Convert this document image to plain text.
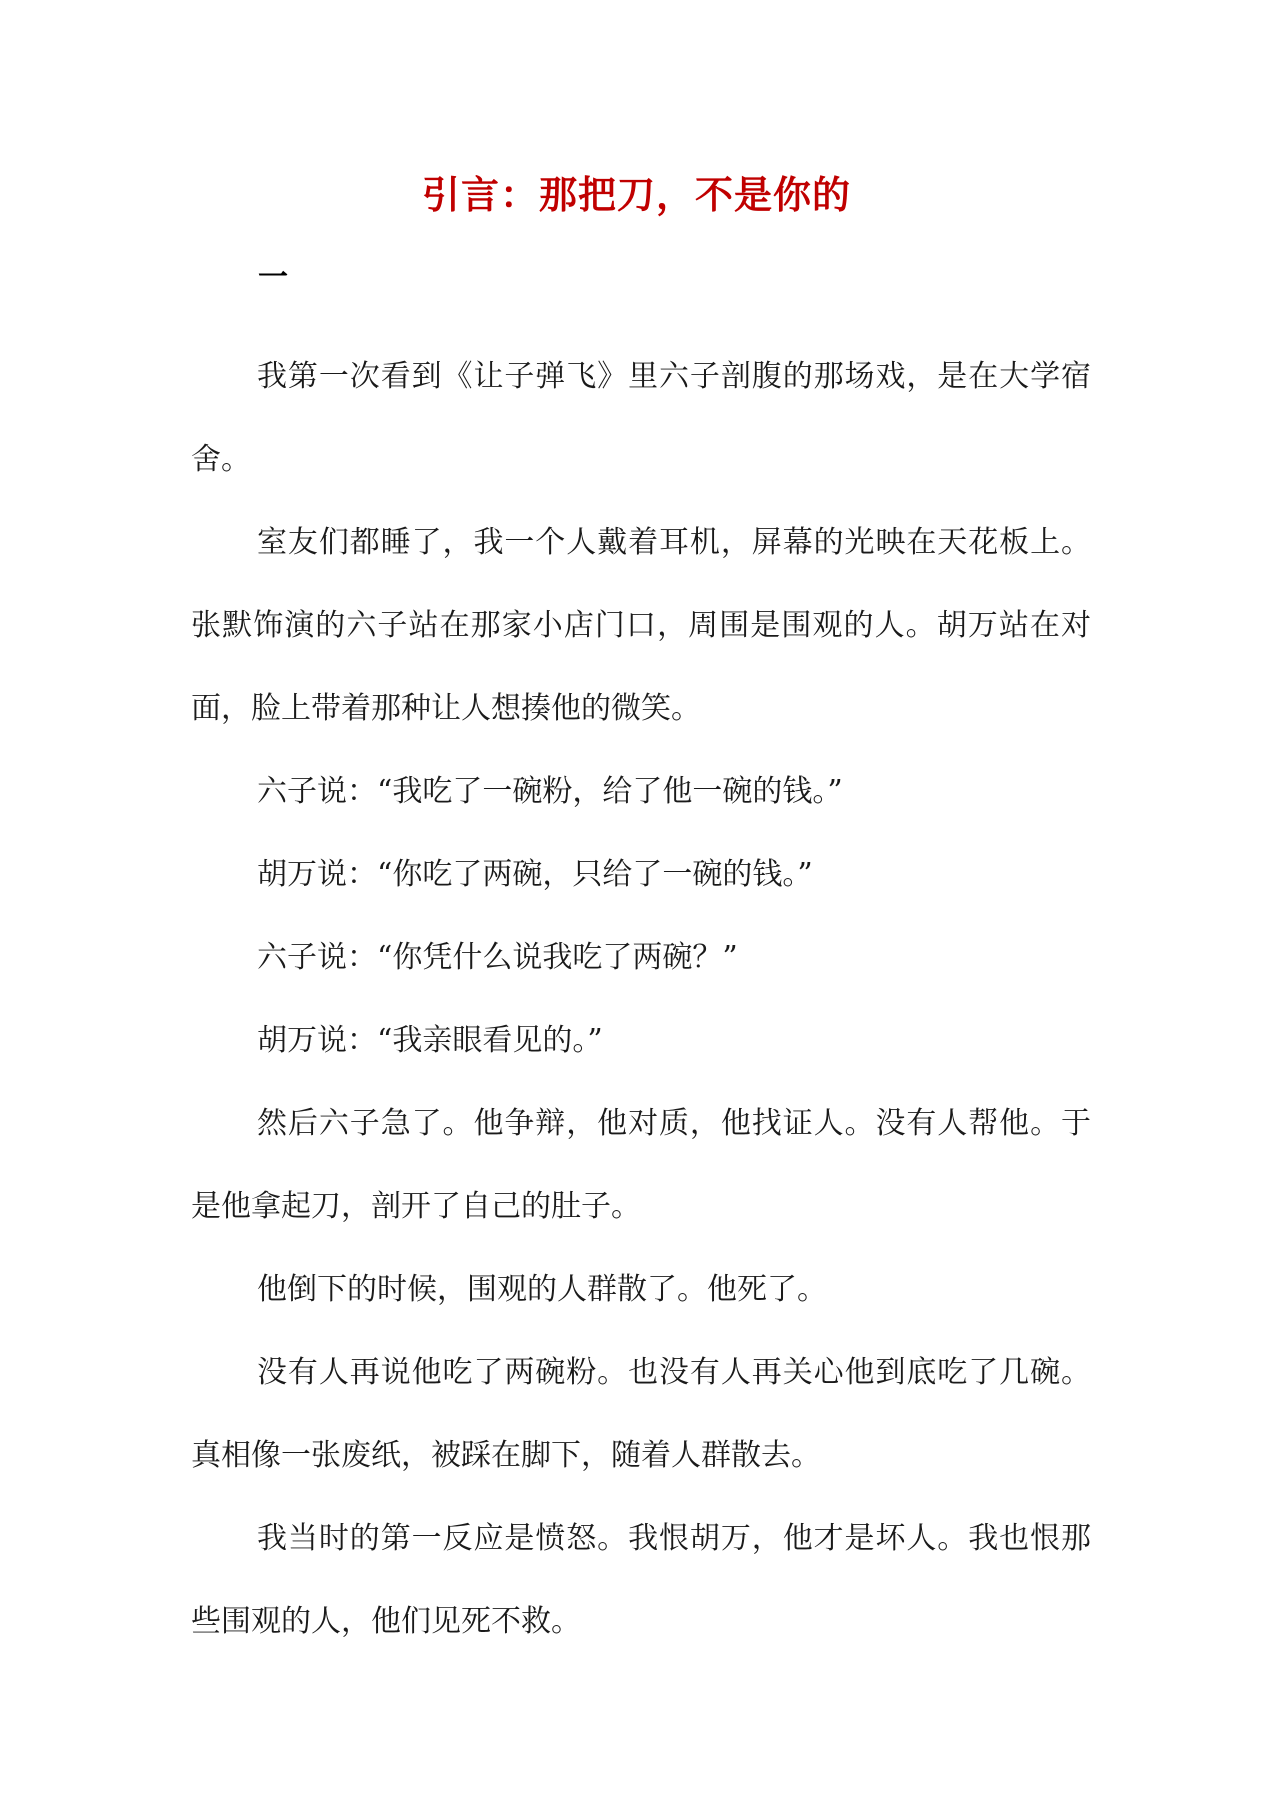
引言：那把刀，不是你的
一

我第一次看到《让子弹飞》里六子剖腹的那场戏，是在大学宿舍。

室友们都睡了，我一个人戴着耳机，屏幕的光映在天花板上。张默饰演的六子站在那家小店门口，周围是围观的人。胡万站在对面，脸上带着那种让人想揍他的微笑。

六子说：“我吃了一碗粉，给了他一碗的钱。”

胡万说：“你吃了两碗，只给了一碗的钱。”

六子说：“你凭什么说我吃了两碗？”

胡万说：“我亲眼看见的。”

然后六子急了。他争辩，他对质，他找证人。没有人帮他。于是他拿起刀，剖开了自己的肚子。

他倒下的时候，围观的人群散了。他死了。

没有人再说他吃了两碗粉。也没有人再关心他到底吃了几碗。真相像一张废纸，被踩在脚下，随着人群散去。

我当时的第一反应是愤怒。我恨胡万，他才是坏人。我也恨那些围观的人，他们见死不救。
